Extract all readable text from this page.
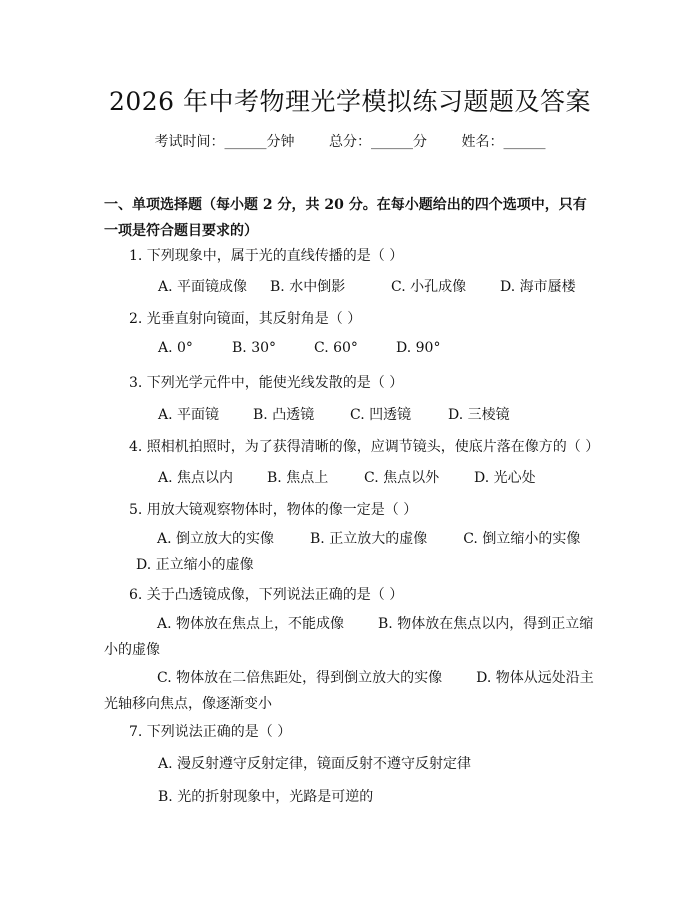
2026 年中考物理光学模拟练习题题及答案
考试时间：______分钟 总分：______分 姓名：______
一、单项选择题（每小题 2 分，共 20 分。在每小题给出的四个选项中，只有一项是符合题目要求的）
1. 下列现象中，属于光的直线传播的是（ ）
A. 平面镜成像 B. 水中倒影	C. 小孔成像 D. 海市蜃楼
2. 光垂直射向镜面，其反射角是（ ）
A. 0°	B. 30°	C. 60°	D. 90°
3. 下列光学元件中，能使光线发散的是（ ）
A. 平面镜 B. 凸透镜	C. 凹透镜	D. 三棱镜
4. 照相机拍照时，为了获得清晰的像，应调节镜头，使底片落在像方的（ ）
A. 焦点以内 B. 焦点上	C. 焦点以外 D. 光心处
5. 用放大镜观察物体时，物体的像一定是（ ）
A. 倒立放大的实像	B. 正立放大的虚像	C. 倒立缩小的实像D. 正立缩小的虚像
6. 关于凸透镜成像，下列说法正确的是（ ）
A. 物体放在焦点上，不能成像 B. 物体放在焦点以内，得到正立缩小的虚像
C. 物体放在二倍焦距处，得到倒立放大的实像 D. 物体从远处沿主光轴移向焦点，像逐渐变小
7. 下列说法正确的是（ ）
A. 漫反射遵守反射定律，镜面反射不遵守反射定律
B. 光的折射现象中，光路是可逆的
